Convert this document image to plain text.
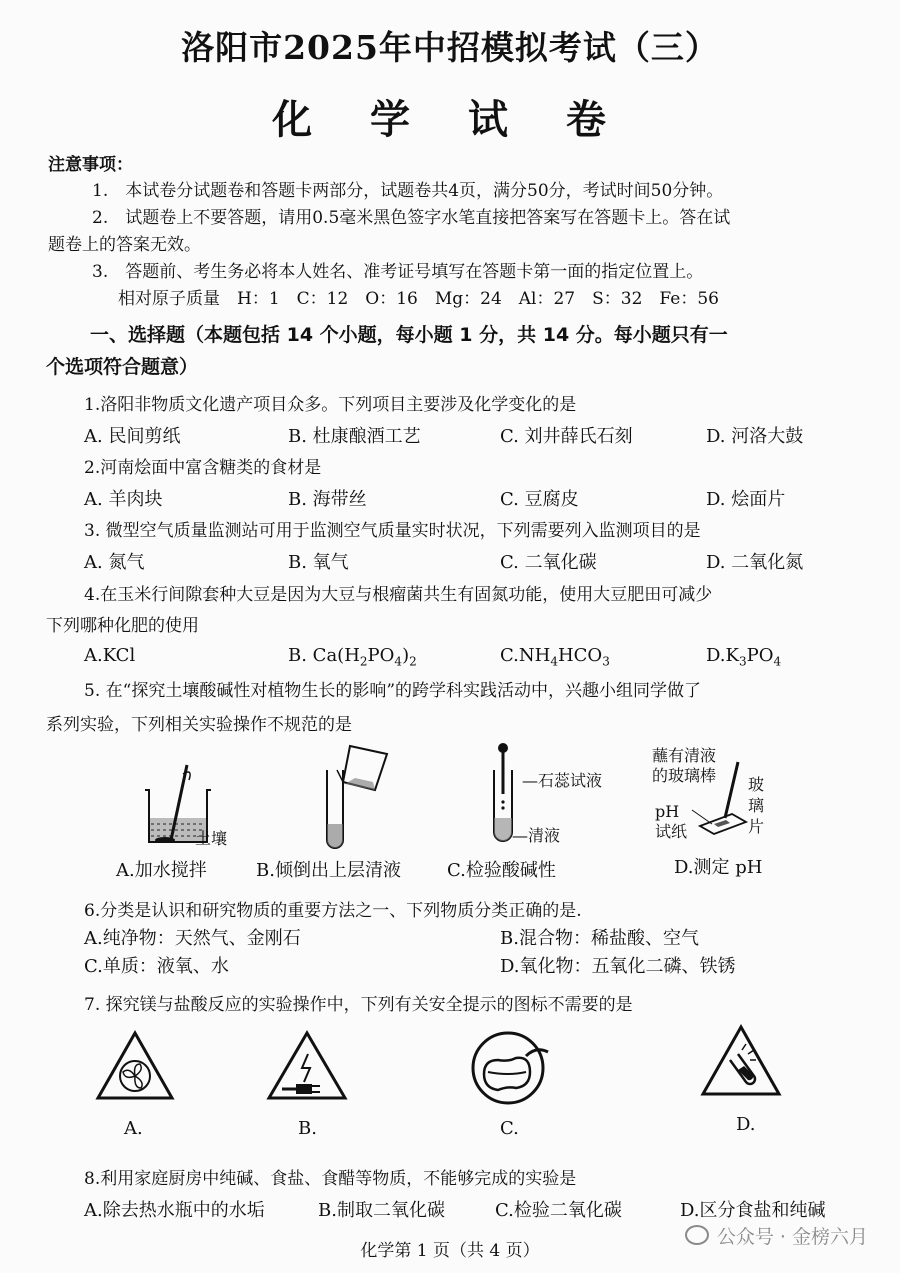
洛阳市2025年中招模拟考试（三）
化 学 试 卷
注意事项：
1.　本试卷分试题卷和答题卡两部分，试题卷共4页，满分50分，考试时间50分钟。
2.　试题卷上不要答题，请用0.5毫米黑色签字水笔直接把答案写在答题卡上。答在试
题卷上的答案无效。
3.　答题前、考生务必将本人姓名、准考证号填写在答题卡第一面的指定位置上。
相对原子质量　H：1　C：12　O：16　Mg：24　Al：27　S：32　Fe：56
一、选择题（本题包括 14 个小题，每小题 1 分，共 14 分。每小题只有一
个选项符合题意）
1.洛阳非物质文化遗产项目众多。下列项目主要涉及化学变化的是
A. 民间剪纸	B. 杜康酿酒工艺	C. 刘井薛氏石刻	D. 河洛大鼓
2.河南烩面中富含糖类的食材是
A. 羊肉块	B. 海带丝	C. 豆腐皮	D. 烩面片
3. 微型空气质量监测站可用于监测空气质量实时状况，下列需要列入监测项目的是
A. 氮气	B. 氧气	C. 二氧化碳	D. 二氧化氮
4.在玉米行间隙套种大豆是因为大豆与根瘤菌共生有固氮功能，使用大豆肥田可减少
下列哪种化肥的使用
A.KCl	B. $Ca(H_2PO_4)_2$	$C.NH_4HCO_3$	$D.K_3PO_4$
5. 在“探究土壤酸碱性对植物生长的影响”的跨学科实践活动中，兴趣小组同学做了
系列实验，下列相关实验操作不规范的是
土壤
—石蕊试液
—清液
蘸有清液
的玻璃棒
pH
试纸
玻
璃
片
A.加水搅拌	B.倾倒出上层清液	C.检验酸碱性	D.测定 pH
6.分类是认识和研究物质的重要方法之一、下列物质分类正确的是.
A.纯净物：天然气、金刚石	B.混合物：稀盐酸、空气
C.单质：液氧、水	D.氧化物：五氧化二磷、铁锈
7. 探究镁与盐酸反应的实验操作中，下列有关安全提示的图标不需要的是
A.	B.	C.	D.
8.利用家庭厨房中纯碱、食盐、食醋等物质，不能够完成的实验是
A.除去热水瓶中的水垢	B.制取二氧化碳	C.检验二氧化碳	D.区分食盐和纯碱
化学第 1 页（共 4 页）
公众号 · 金榜六月
